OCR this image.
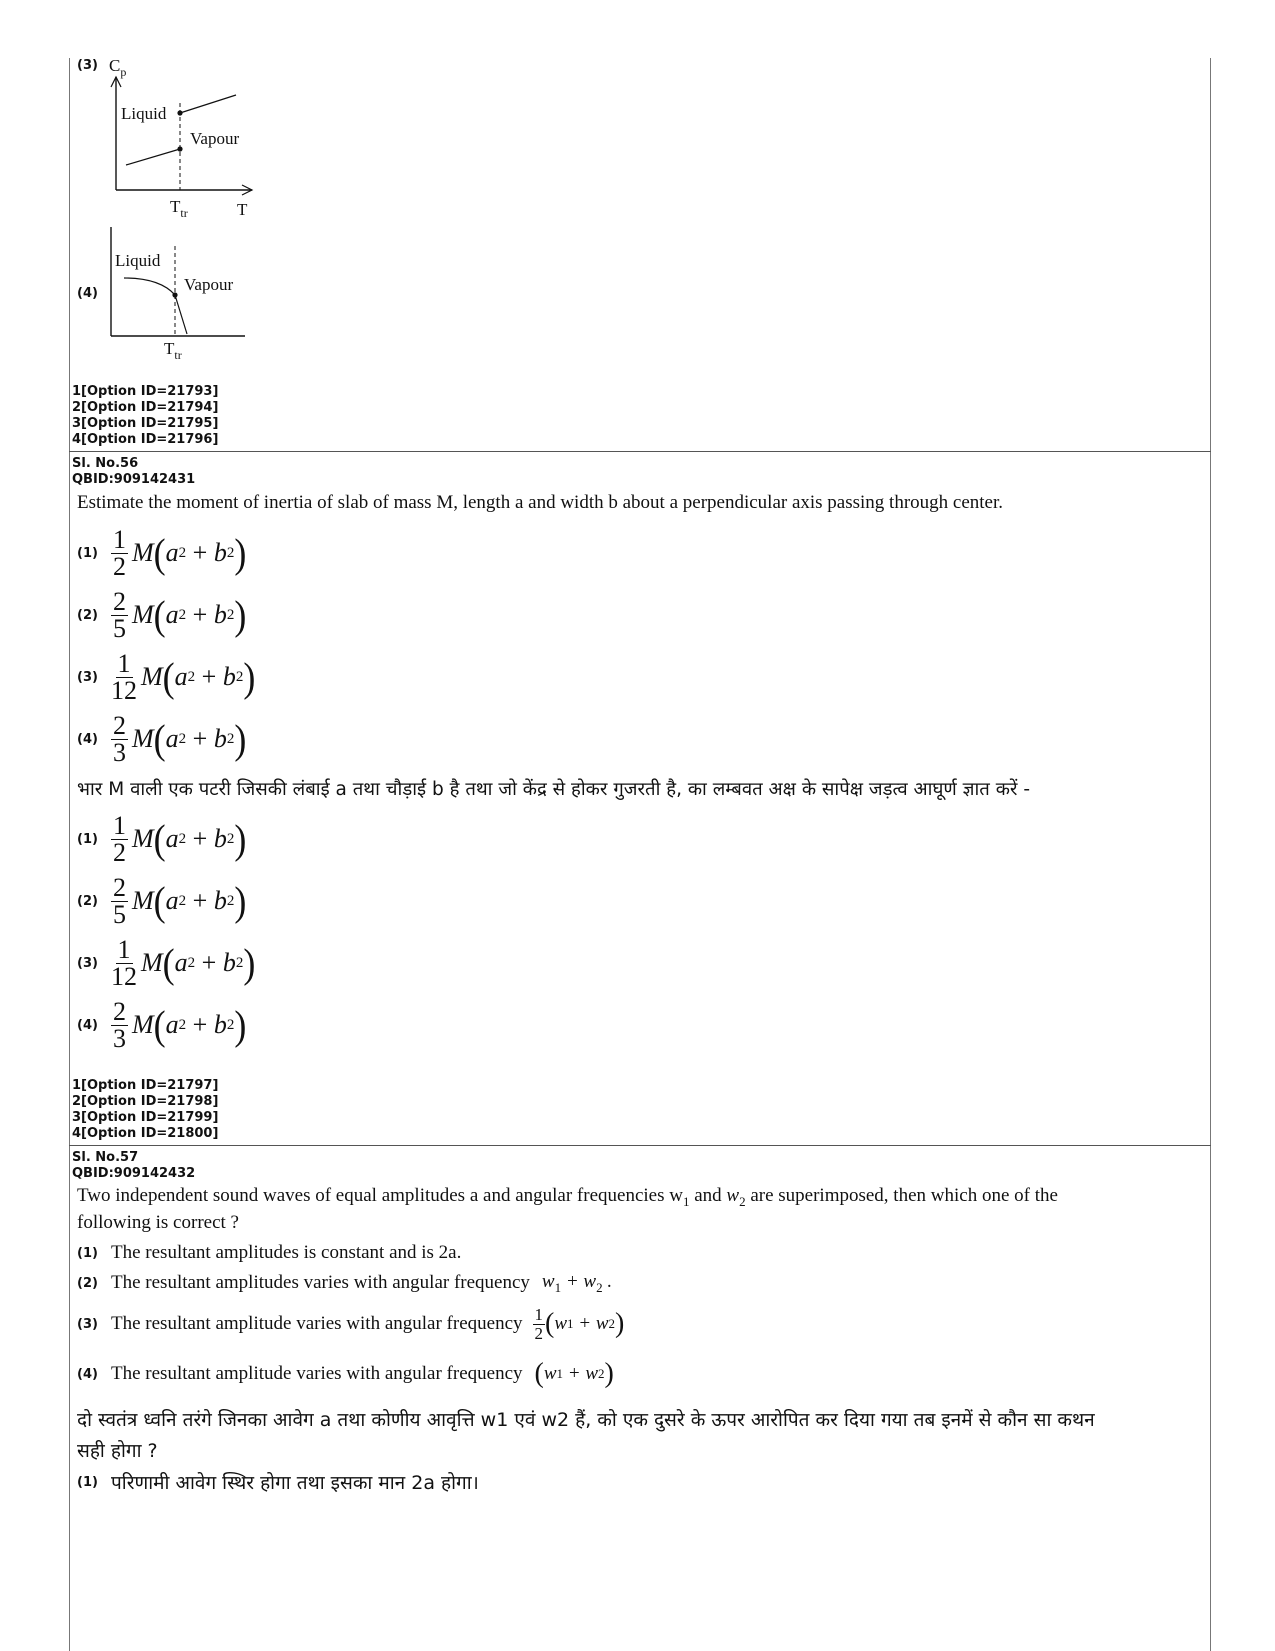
(3) $C_p$
Liquid
Vapour
$T_{tr}$	T
(4)
Liquid
Vapour
$T_{tr}$
1[Option ID=21793]
2[Option ID=21794]
3[Option ID=21795]
4[Option ID=21796]
Sl. No.56
QBID:909142431
Estimate the moment of inertia of slab of mass M, length a and width b about a perpendicular axis passing through center.
$(1) \frac{1}{2}$ M ( a 2
+
b 2 )
$(2) \frac{2}{5}$ M ( a 2
+
b 2 )
$(3) \frac{1}{12}$ M ( a 2
+
b 2 )
$(4) \frac{2}{3}$ M ( a 2
+
b 2 )
भार M वाली एक पटरी जिसकी लंबाई a तथा चौड़ाई b है तथा जो केंद्र से होकर गुजरती है, का लम्बवत अक्ष के सापेक्ष जड़त्व आघूर्ण ज्ञात करें -
$(1) \frac{1}{2}$ M ( a 2
+
b 2 )
$(2) \frac{2}{5}$ M ( a 2
+
b 2 )
$(3) \frac{1}{12}$ M ( a 2
+
b 2 )
$(4) \frac{2}{3}$ M ( a 2
+
b 2 )
1[Option ID=21797]
2[Option ID=21798]
3[Option ID=21799]
4[Option ID=21800]
Sl. No.57
QBID:909142432
Two independent sound waves of equal amplitudes a and angular frequencies $w_1$ and $w_2$ are superimposed, then which one of the
following is correct ?
(1) The resultant amplitudes is constant and is 2a.
(2) The resultant amplitudes varies with angular frequency $w_1 + w_2$ .
(3) The resultant amplitude varies with angular frequency 1
2 ( w 1 + w 2 )
(4) The resultant amplitude varies with angular frequency ( w 1 + w 2 )
दो स्वतंत्र ध्वनि तरंगे जिनका आवेग a तथा कोणीय आवृत्ति w1 एवं w2 हैं, को एक दुसरे के ऊपर आरोपित कर दिया गया तब इनमें से कौन सा कथन
सही होगा ?
(1) परिणामी आवेग स्थिर होगा तथा इसका मान 2a होगा।
